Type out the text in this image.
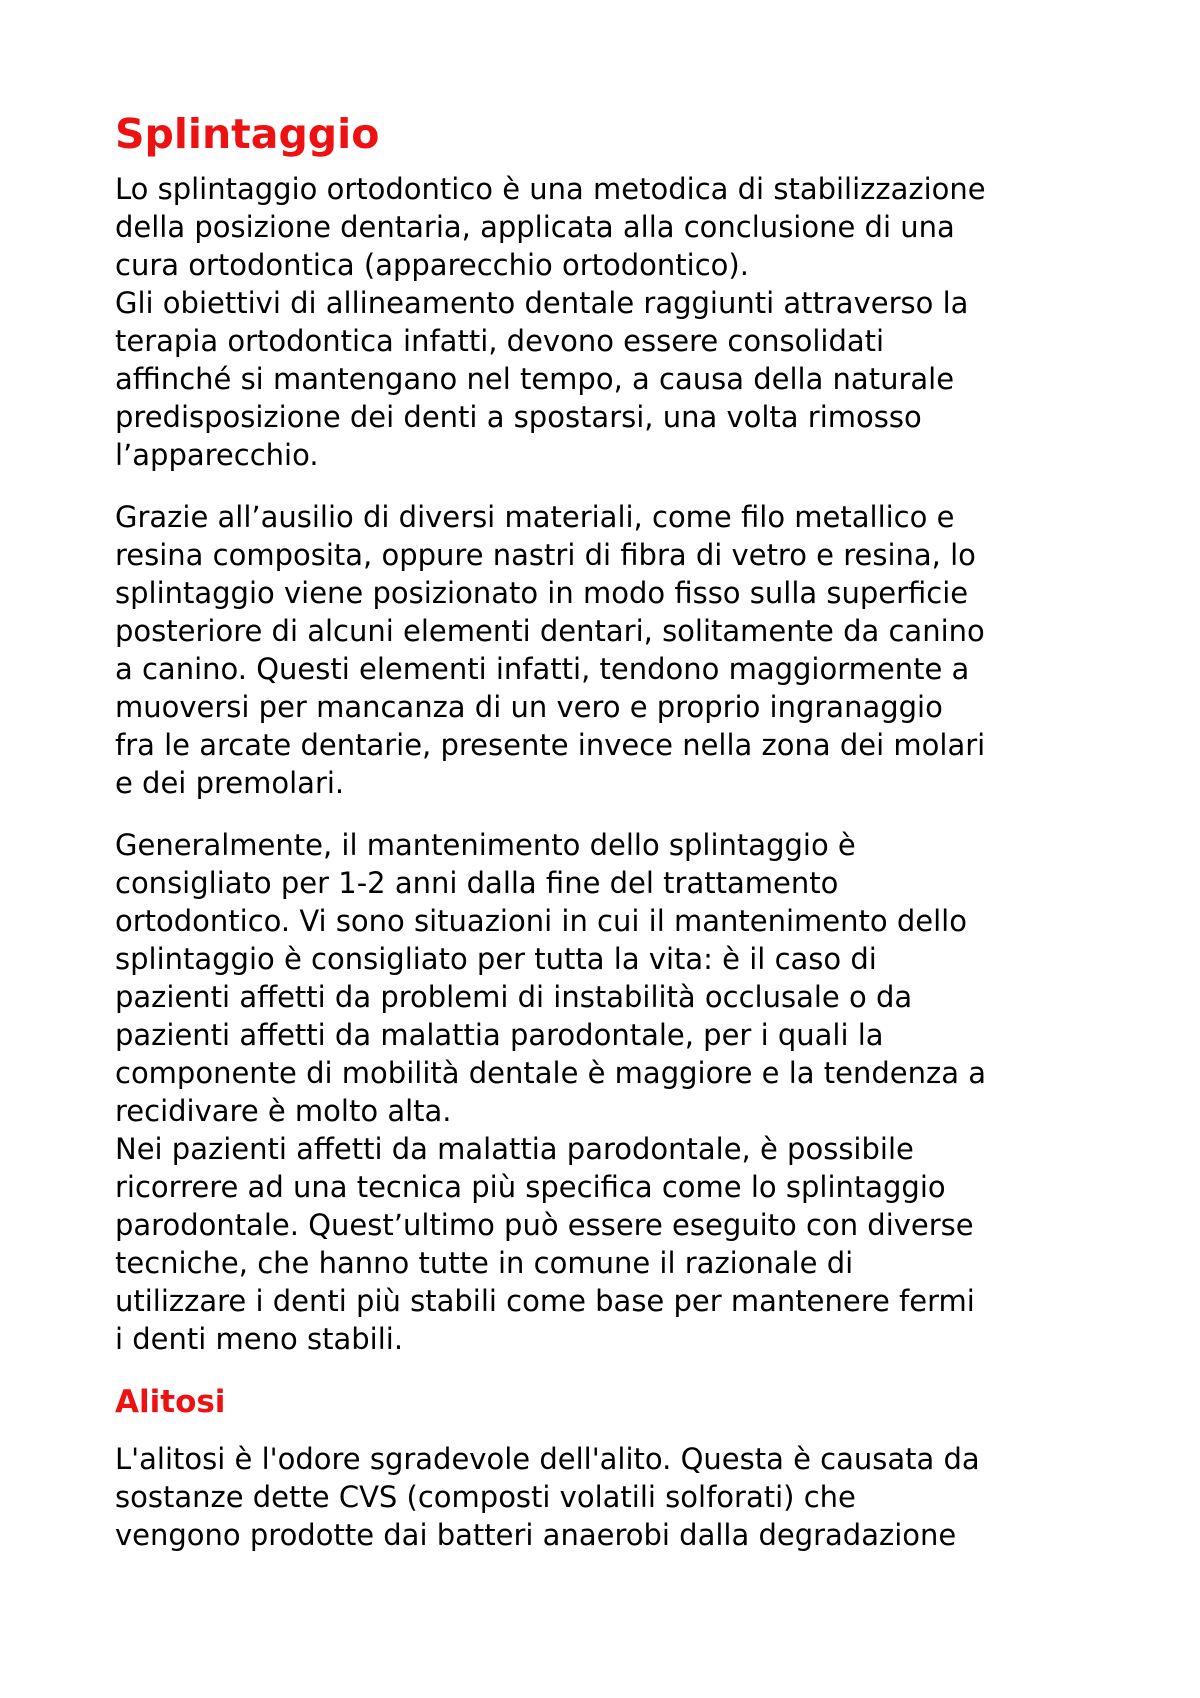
Splintaggio
Lo splintaggio ortodontico è una metodica di stabilizzazione
della posizione dentaria, applicata alla conclusione di una
cura ortodontica (apparecchio ortodontico).
Gli obiettivi di allineamento dentale raggiunti attraverso la
terapia ortodontica infatti, devono essere consolidati
affinché si mantengano nel tempo, a causa della naturale
predisposizione dei denti a spostarsi, una volta rimosso
l’apparecchio.
Grazie all’ausilio di diversi materiali, come filo metallico e
resina composita, oppure nastri di fibra di vetro e resina, lo
splintaggio viene posizionato in modo fisso sulla superficie
posteriore di alcuni elementi dentari, solitamente da canino
a canino. Questi elementi infatti, tendono maggiormente a
muoversi per mancanza di un vero e proprio ingranaggio
fra le arcate dentarie, presente invece nella zona dei molari
e dei premolari.
Generalmente, il mantenimento dello splintaggio è
consigliato per 1-2 anni dalla fine del trattamento
ortodontico. Vi sono situazioni in cui il mantenimento dello
splintaggio è consigliato per tutta la vita: è il caso di
pazienti affetti da problemi di instabilità occlusale o da
pazienti affetti da malattia parodontale, per i quali la
componente di mobilità dentale è maggiore e la tendenza a
recidivare è molto alta.
Nei pazienti affetti da malattia parodontale, è possibile
ricorrere ad una tecnica più specifica come lo splintaggio
parodontale. Quest’ultimo può essere eseguito con diverse
tecniche, che hanno tutte in comune il razionale di
utilizzare i denti più stabili come base per mantenere fermi
i denti meno stabili.
Alitosi
L'alitosi è l'odore sgradevole dell'alito. Questa è causata da
sostanze dette CVS (composti volatili solforati) che
vengono prodotte dai batteri anaerobi dalla degradazione
